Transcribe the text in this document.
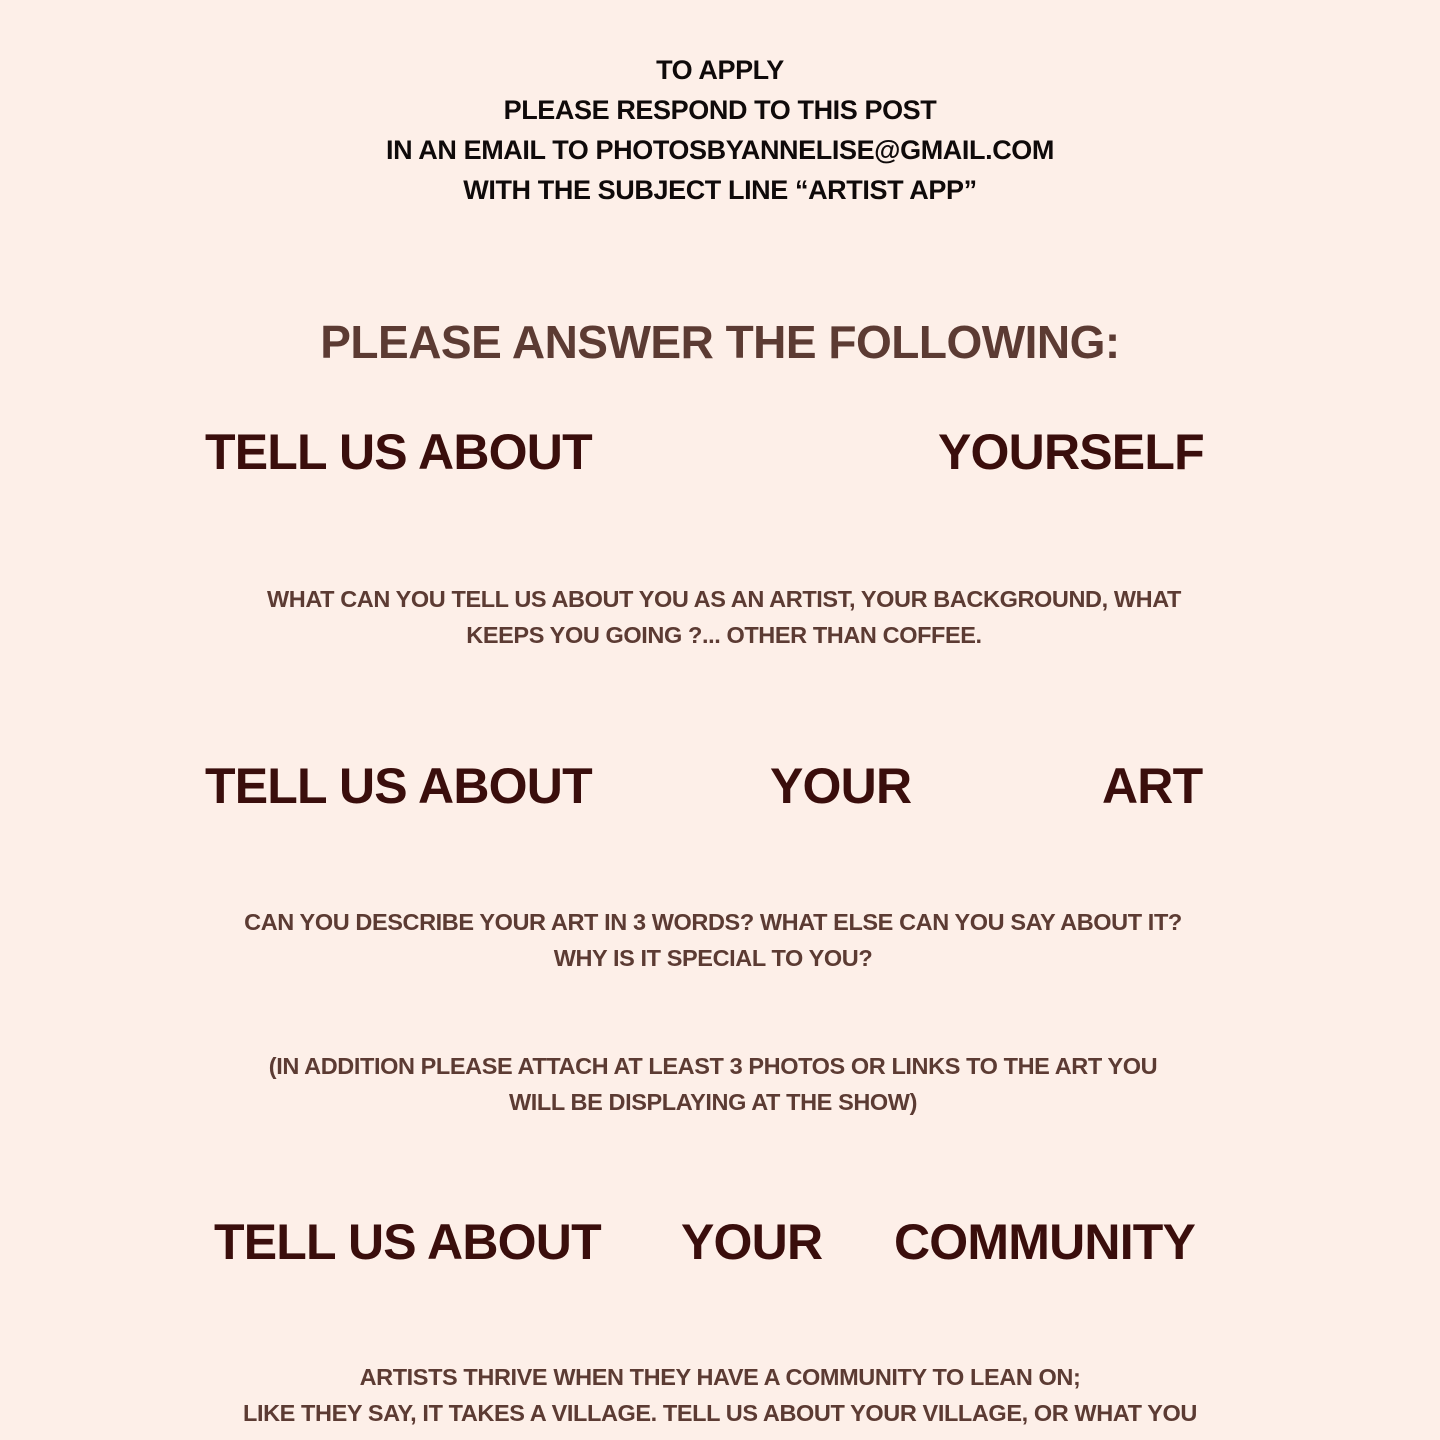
TO APPLY

PLEASE RESPOND TO THIS POST

IN AN EMAIL TO PHOTOSBYANNELISE@GMAIL.COM

WITH THE SUBJECT LINE “ARTIST APP”

PLEASE ANSWER THE FOLLOWING:

TELL US ABOUT	YOURSELF

WHAT CAN YOU TELL US ABOUT YOU AS AN ARTIST, YOUR BACKGROUND, WHAT

KEEPS YOU GOING ?... OTHER THAN COFFEE.

TELL US ABOUT	YOUR	ART

CAN YOU DESCRIBE YOUR ART IN 3 WORDS? WHAT ELSE CAN YOU SAY ABOUT IT?

WHY IS IT SPECIAL TO YOU?

(IN ADDITION PLEASE ATTACH AT LEAST 3 PHOTOS OR LINKS TO THE ART YOU

WILL BE DISPLAYING AT THE SHOW)

TELL US ABOUT YOUR COMMUNITY

ARTISTS THRIVE WHEN THEY HAVE A COMMUNITY TO LEAN ON;

LIKE THEY SAY, IT TAKES A VILLAGE. TELL US ABOUT YOUR VILLAGE, OR WHAT YOU
